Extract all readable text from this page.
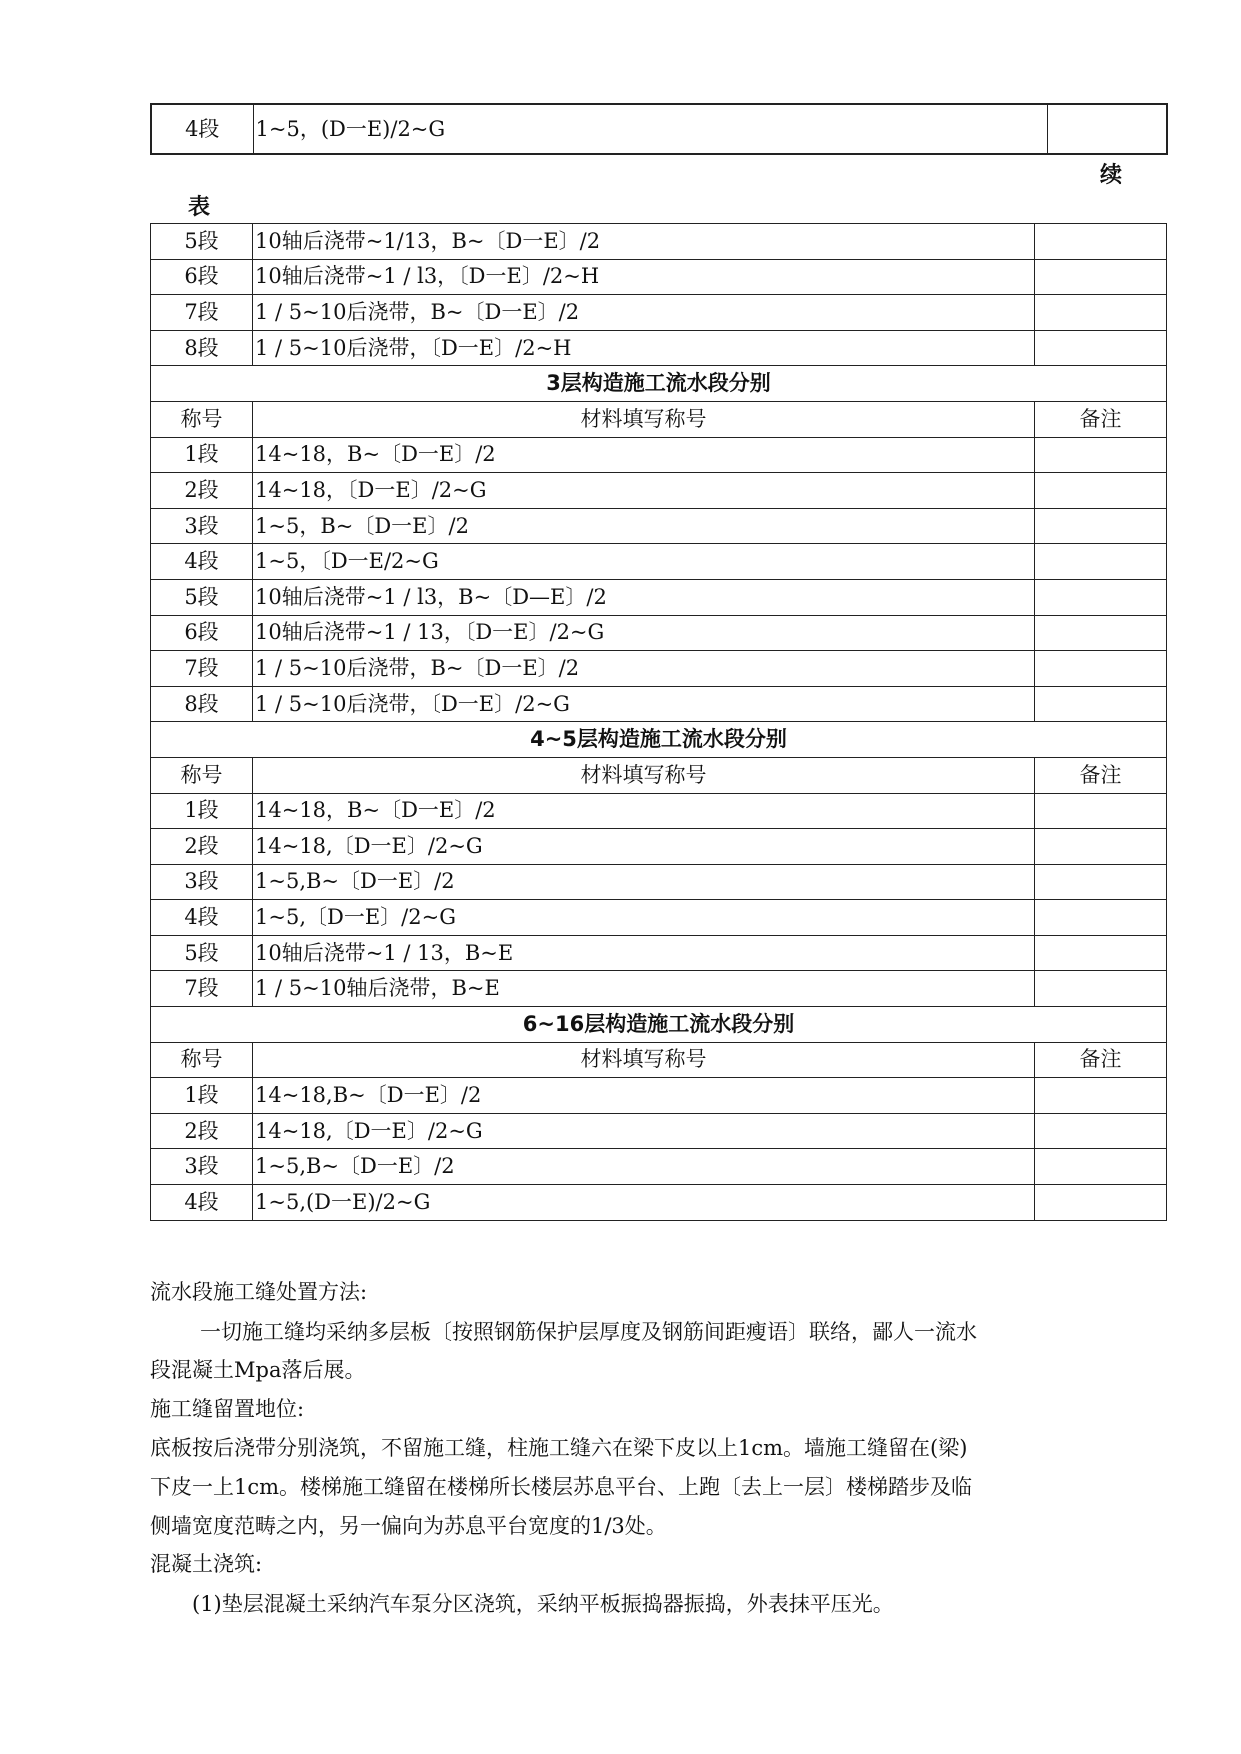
4段	1~5，(D一E)/2~G	
续
表
5段	10轴后浇带~1/13，B~〔D一E〕/2	
6段	10轴后浇带~1 / l3，〔D一E〕/2~H	
7段	1 / 5~10后浇带，B~〔D一E〕/2	
8段	1 / 5~10后浇带，〔D一E〕/2~H	
3层构造施工流水段分别		
称号	材料填写称号	备注
1段	14~18，B~〔D一E〕/2	
2段	14~18，〔D一E〕/2~G	
3段	1~5，B~〔D一E〕/2	
4段	1~5，〔D一E/2~G	
5段	10轴后浇带~1 / l3，B~〔D—E〕/2	
6段	10轴后浇带~1 / 13，〔D一E〕/2~G	
7段	1 / 5~10后浇带，B~〔D一E〕/2	
8段	1 / 5~10后浇带，〔D一E〕/2~G	
4~5层构造施工流水段分别		
称号	材料填写称号	备注
1段	14~18，B~〔D一E〕/2	
2段	14~18,〔D一E〕/2~G	
3段	1~5,B~〔D一E〕/2	
4段	1~5,〔D一E〕/2~G	
5段	10轴后浇带~1 / 13，B~E	
7段	1 / 5~10轴后浇带，B~E	
6~16层构造施工流水段分别		
称号	材料填写称号	备注
1段	14~18,B~〔D一E〕/2	
2段	14~18,〔D一E〕/2~G	
3段	1~5,B~〔D一E〕/2	
4段	1~5,(D一E)/2~G	
流水段施工缝处置方法:
一切施工缝均采纳多层板〔按照钢筋保护层厚度及钢筋间距瘦语〕联络，鄙人一流水
段混凝土Mpa落后展。
施工缝留置地位:
底板按后浇带分别浇筑，不留施工缝，柱施工缝六在梁下皮以上1cm。墙施工缝留在(梁)
下皮一上1cm。楼梯施工缝留在楼梯所长楼层苏息平台、上跑〔去上一层〕楼梯踏步及临
侧墙宽度范畴之内，另一偏向为苏息平台宽度的1/3处。
混凝土浇筑:
(1)垫层混凝土采纳汽车泵分区浇筑，采纳平板振捣器振捣，外表抹平压光。
